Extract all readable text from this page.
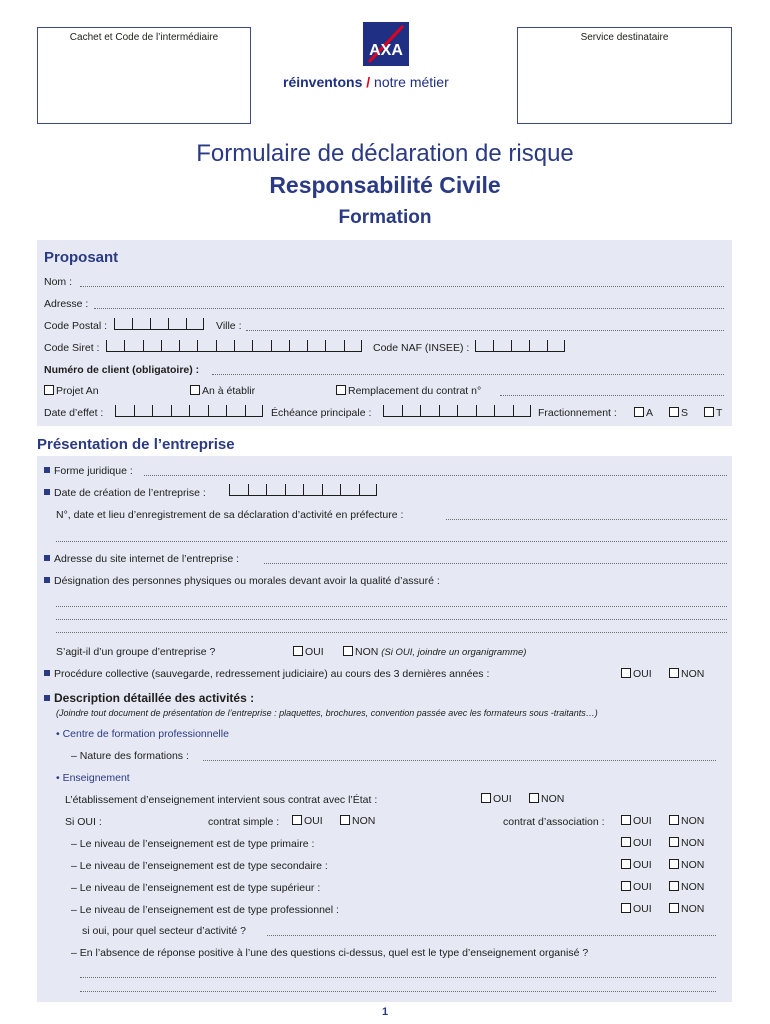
Cachet et Code de l’intermédiaire	Service destinataire
AXA
réinventons / notre métier
Formulaire de déclaration de risque
Responsabilité Civile
Formation
Proposant
Nom :
Adresse :
Code Postal :	Ville :
Code Siret :	Code NAF (INSEE) :
Numéro de client (obligatoire) :
Projet An	An à établir	Remplacement du contrat n°
Date d’effet :	Échéance principale :	Fractionnement :	A	S	T
Présentation de l’entreprise
Forme juridique :
Date de création de l’entreprise :
N°, date et lieu d’enregistrement de sa déclaration d’activité en préfecture :
Adresse du site internet de l’entreprise :
Désignation des personnes physiques ou morales devant avoir la qualité d’assuré :
S’agit-il d’un groupe d’entreprise ?	OUI	NON (Si OUI, joindre un organigramme)
Procédure collective (sauvegarde, redressement judiciaire) au cours des 3 dernières années :	OUI	NON
Description détaillée des activités :
(Joindre tout document de présentation de l’entreprise : plaquettes, brochures, convention passée avec les formateurs sous -traitants…)
• Centre de formation professionnelle
– Nature des formations :
• Enseignement
L’établissement d’enseignement intervient sous contrat avec l’État :	OUI	NON
Si OUI :	contrat simple :	OUI	NON	contrat d’association :	OUI	NON
– Le niveau de l’enseignement est de type primaire :	OUI	NON
– Le niveau de l’enseignement est de type secondaire :	OUI	NON
– Le niveau de l’enseignement est de type supérieur :	OUI	NON
– Le niveau de l’enseignement est de type professionnel :	OUI	NON
si oui, pour quel secteur d’activité ?
– En l’absence de réponse positive à l’une des questions ci-dessus, quel est le type d’enseignement organisé ?
1
